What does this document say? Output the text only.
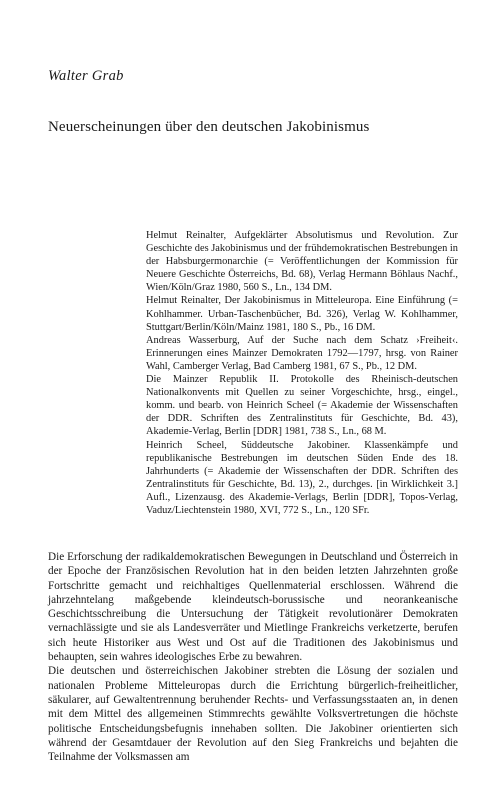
Walter Grab
Neuerscheinungen über den deutschen Jakobinismus

Helmut Reinalter, Aufgeklärter Absolutismus und Revolution. Zur Geschichte des Jakobinismus und der frühdemokratischen Bestrebungen in der Habsburgermonarchie (= Veröffentlichungen der Kommission für Neuere Geschichte Österreichs, Bd. 68), Verlag Hermann Böhlaus Nachf., Wien/Köln/Graz 1980, 560 S., Ln., 134 DM.

Helmut Reinalter, Der Jakobinismus in Mitteleuropa. Eine Einführung (= Kohlhammer. Urban-Taschenbücher, Bd. 326), Verlag W. Kohlhammer, Stuttgart/Berlin/Köln/Mainz 1981, 180 S., Pb., 16 DM.

Andreas Wasserburg, Auf der Suche nach dem Schatz ›Freiheit‹. Erinnerungen eines Mainzer Demokraten 1792—1797, hrsg. von Rainer Wahl, Camberger Verlag, Bad Camberg 1981, 67 S., Pb., 12 DM.

Die Mainzer Republik II. Protokolle des Rheinisch-deutschen Nationalkonvents mit Quellen zu seiner Vorgeschichte, hrsg., eingel., komm. und bearb. von Heinrich Scheel (= Akademie der Wissenschaften der DDR. Schriften des Zentralinstituts für Geschichte, Bd. 43), Akademie-Verlag, Berlin [DDR] 1981, 738 S., Ln., 68 M.

Heinrich Scheel, Süddeutsche Jakobiner. Klassenkämpfe und republikanische Bestrebungen im deutschen Süden Ende des 18. Jahrhunderts (= Akademie der Wissenschaften der DDR. Schriften des Zentralinstituts für Geschichte, Bd. 13), 2., durchges. [in Wirklichkeit 3.] Aufl., Lizenzausg. des Akademie-Verlags, Berlin [DDR], Topos-Verlag, Vaduz/Liechtenstein 1980, XVI, 772 S., Ln., 120 SFr.

Die Erforschung der radikaldemokratischen Bewegungen in Deutschland und Österreich in der Epoche der Französischen Revolution hat in den beiden letzten Jahrzehnten große Fortschritte gemacht und reichhaltiges Quellenmaterial erschlossen. Während die jahrzehntelang maßgebende kleindeutsch-borussische und neorankeanische Geschichtsschreibung die Untersuchung der Tätigkeit revolutionärer Demokraten vernachlässigte und sie als Landesverräter und Mietlinge Frankreichs verketzerte, berufen sich heute Historiker aus West und Ost auf die Traditionen des Jakobinismus und behaupten, sein wahres ideologisches Erbe zu bewahren.

Die deutschen und österreichischen Jakobiner strebten die Lösung der sozialen und nationalen Probleme Mitteleuropas durch die Errichtung bürgerlich-freiheitlicher, säkularer, auf Gewaltentrennung beruhender Rechts- und Verfassungsstaaten an, in denen mit dem Mittel des allgemeinen Stimmrechts gewählte Volksvertretungen die höchste politische Entscheidungsbefugnis innehaben sollten. Die Jakobiner orientierten sich während der Gesamtdauer der Revolution auf den Sieg Frankreichs und bejahten die Teilnahme der Volksmassen am
